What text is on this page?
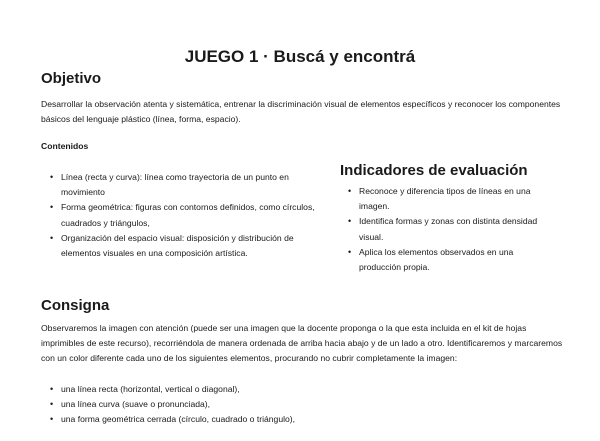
JUEGO 1 · Buscá y encontrá
Objetivo

Desarrollar la observación atenta y sistemática, entrenar la discriminación visual de elementos específicos y reconocer los componentes básicos del lenguaje plástico (línea, forma, espacio).

Contenidos

• Línea (recta y curva): línea como trayectoria de un punto en movimiento
• Forma geométrica: figuras con contornos definidos, como círculos, cuadrados y triángulos,
• Organización del espacio visual: disposición y distribución de elementos visuales en una composición artística.
Indicadores de evaluación
• Reconoce y diferencia tipos de líneas en una imagen.
• Identifica formas y zonas con distinta densidad visual.
• Aplica los elementos observados en una producción propia.
Consigna

Observaremos la imagen con atención (puede ser una imagen que la docente proponga o la que esta incluida en el kit de hojas imprimibles de este recurso), recorriéndola de manera ordenada de arriba hacia abajo y de un lado a otro. Identificaremos y marcaremos con un color diferente cada uno de los siguientes elementos, procurando no cubrir completamente la imagen:

• una línea recta (horizontal, vertical o diagonal),
• una línea curva (suave o pronunciada),
• una forma geométrica cerrada (círculo, cuadrado o triángulo),
